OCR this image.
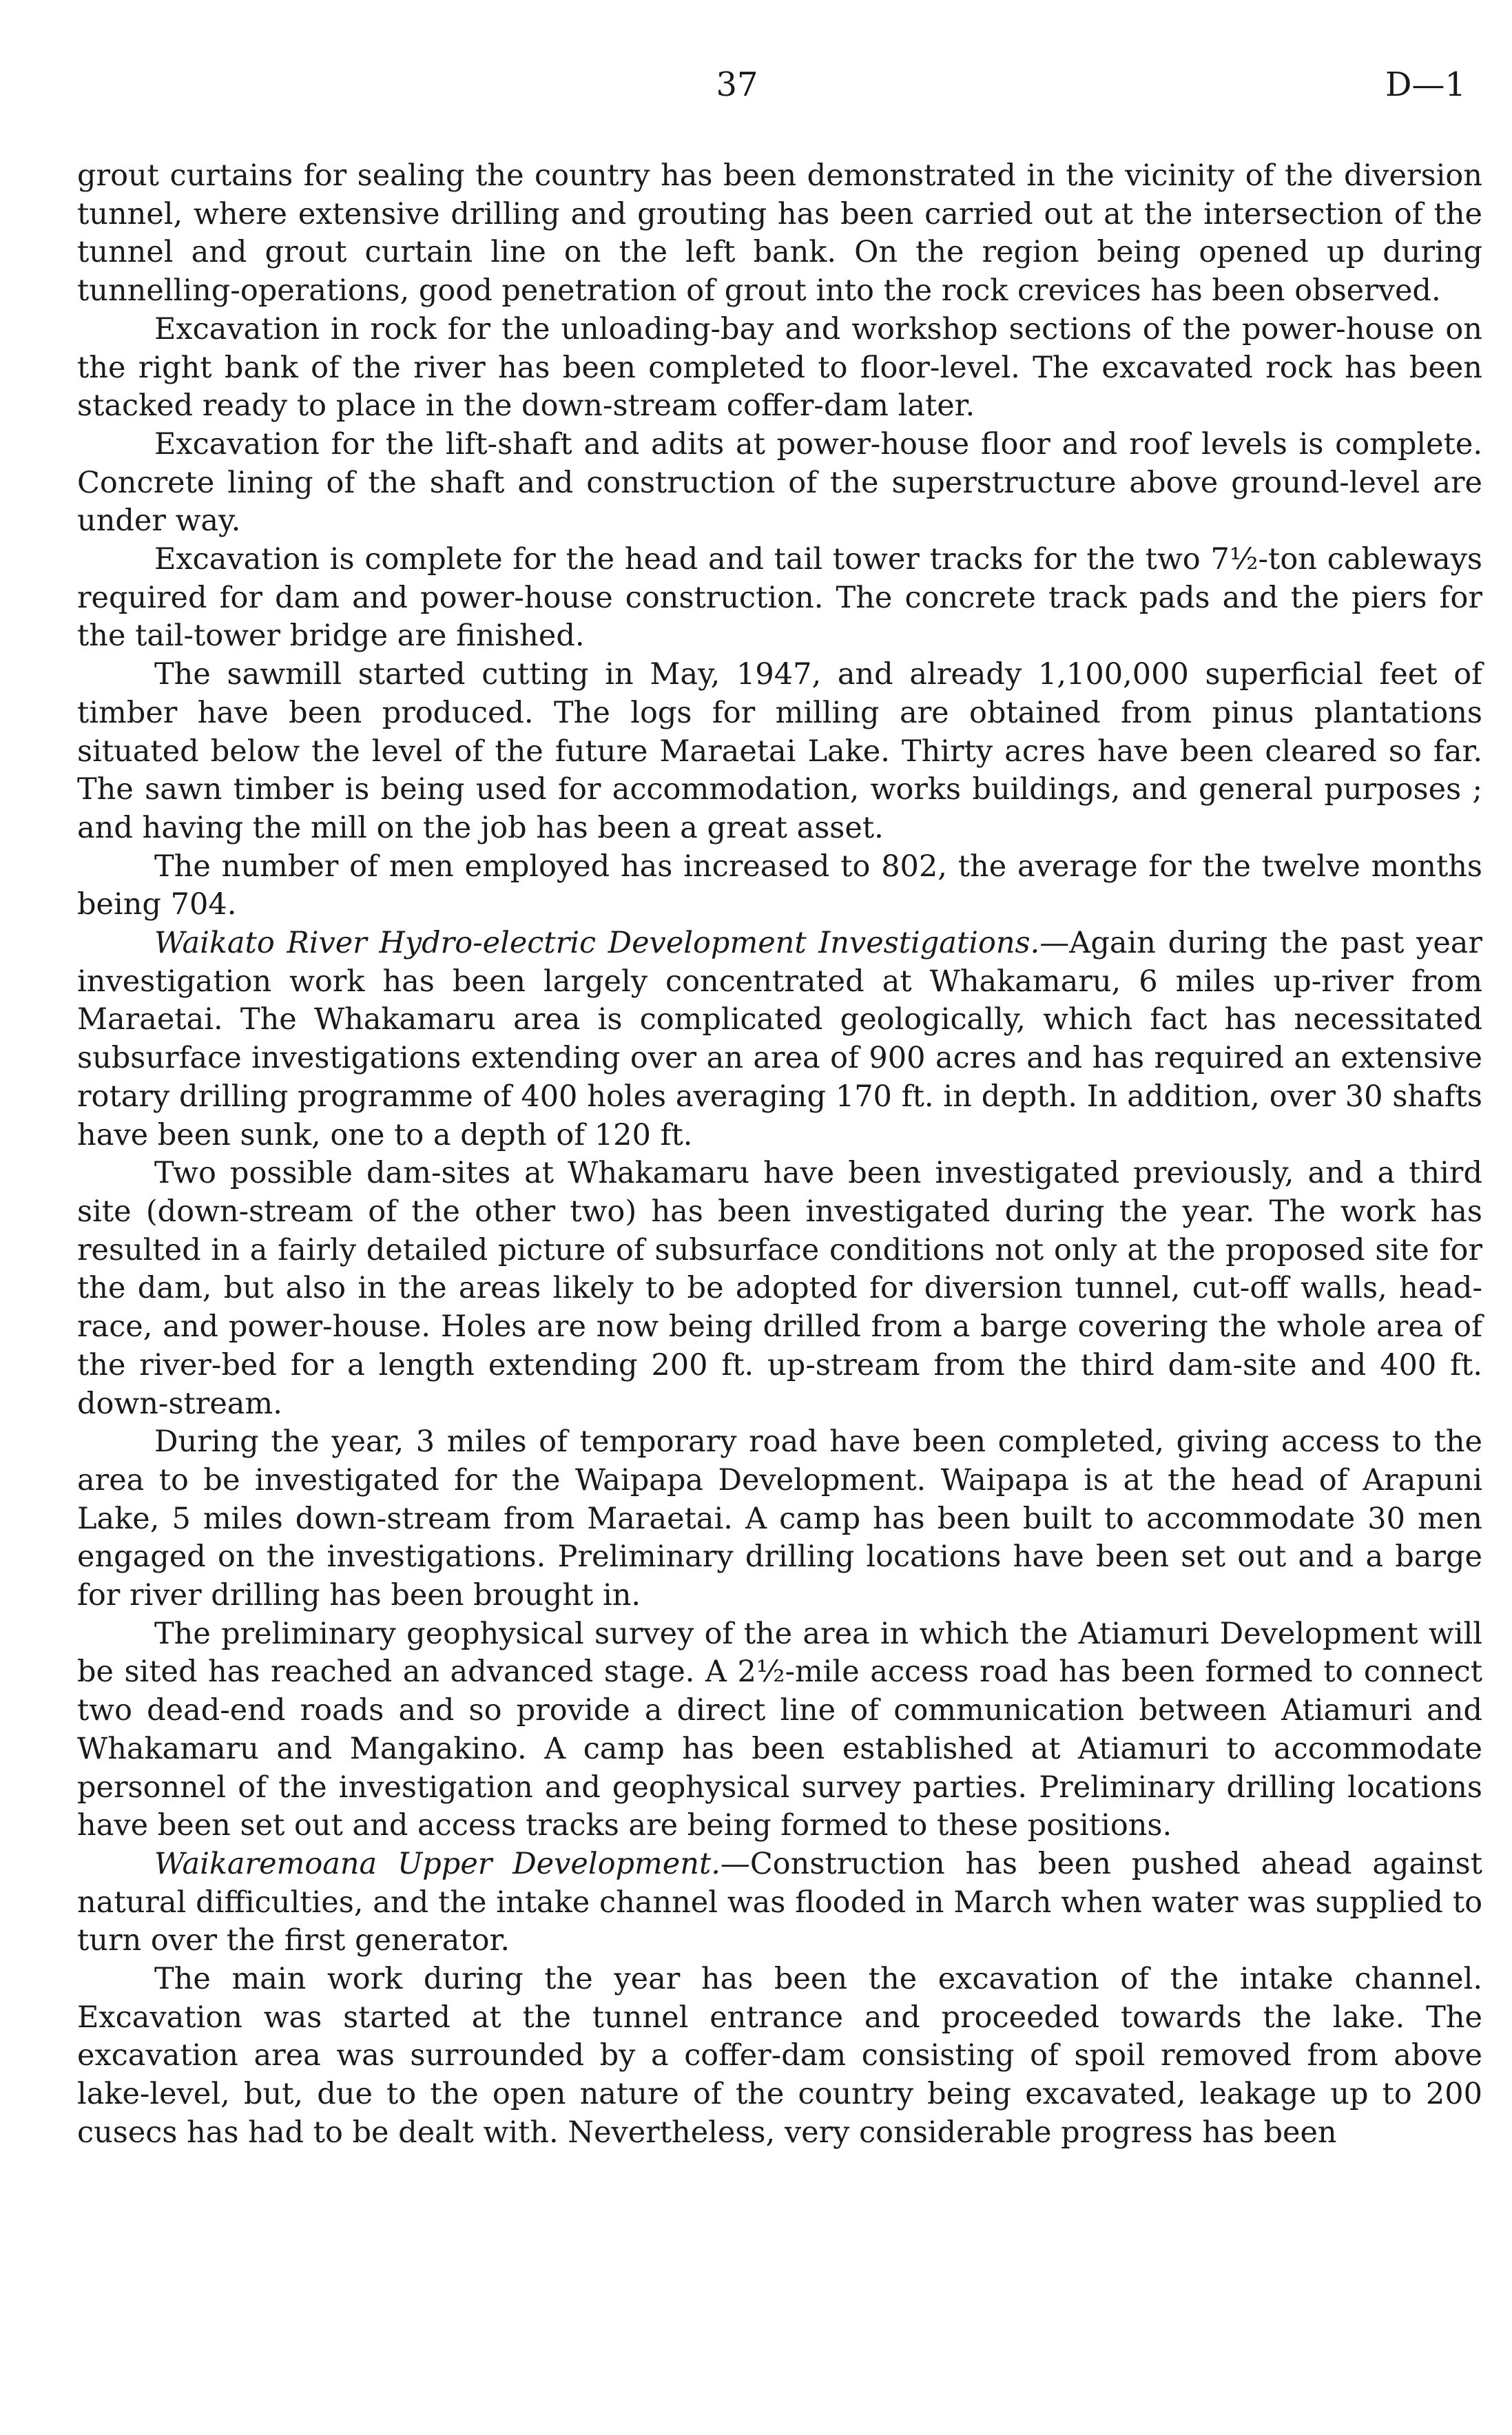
37	D—1

grout curtains for sealing the country has been demonstrated in the vicinity of the diversion tunnel, where extensive drilling and grouting has been carried out at the intersection of the tunnel and grout curtain line on the left bank. On the region being opened up during tunnelling-operations, good penetration of grout into the rock crevices has been observed.

Excavation in rock for the unloading-bay and workshop sections of the power-house on the right bank of the river has been completed to floor-level. The excavated rock has been stacked ready to place in the down-stream coffer-dam later.

Excavation for the lift-shaft and adits at power-house floor and roof levels is complete. Concrete lining of the shaft and construction of the superstructure above ground-level are under way.

Excavation is complete for the head and tail tower tracks for the two 7½-ton cableways required for dam and power-house construction. The concrete track pads and the piers for the tail-tower bridge are finished.

The sawmill started cutting in May, 1947, and already 1,100,000 superficial feet of timber have been produced. The logs for milling are obtained from pinus plantations situated below the level of the future Maraetai Lake. Thirty acres have been cleared so far. The sawn timber is being used for accommodation, works buildings, and general purposes ; and having the mill on the job has been a great asset.

The number of men employed has increased to 802, the average for the twelve months being 704.

Waikato River Hydro-electric Development Investigations.—Again during the past year investigation work has been largely concentrated at Whakamaru, 6 miles up-river from Maraetai. The Whakamaru area is complicated geologically, which fact has necessitated subsurface investigations extending over an area of 900 acres and has required an extensive rotary drilling programme of 400 holes averaging 170 ft. in depth. In addition, over 30 shafts have been sunk, one to a depth of 120 ft.

Two possible dam-sites at Whakamaru have been investigated previously, and a third site (down-stream of the other two) has been investigated during the year. The work has resulted in a fairly detailed picture of subsurface conditions not only at the proposed site for the dam, but also in the areas likely to be adopted for diversion tunnel, cut-off walls, head-race, and power-house. Holes are now being drilled from a barge covering the whole area of the river-bed for a length extending 200 ft. up-stream from the third dam-site and 400 ft. down-stream.

During the year, 3 miles of temporary road have been completed, giving access to the area to be investigated for the Waipapa Development. Waipapa is at the head of Arapuni Lake, 5 miles down-stream from Maraetai. A camp has been built to accommodate 30 men engaged on the investigations. Preliminary drilling locations have been set out and a barge for river drilling has been brought in.

The preliminary geophysical survey of the area in which the Atiamuri Development will be sited has reached an advanced stage. A 2½-mile access road has been formed to connect two dead-end roads and so provide a direct line of communication between Atiamuri and Whakamaru and Mangakino. A camp has been established at Atiamuri to accommodate personnel of the investigation and geophysical survey parties. Preliminary drilling locations have been set out and access tracks are being formed to these positions.

Waikaremoana Upper Development.—Construction has been pushed ahead against natural difficulties, and the intake channel was flooded in March when water was supplied to turn over the first generator.

The main work during the year has been the excavation of the intake channel. Excavation was started at the tunnel entrance and proceeded towards the lake. The excavation area was surrounded by a coffer-dam consisting of spoil removed from above lake-level, but, due to the open nature of the country being excavated, leakage up to 200 cusecs has had to be dealt with. Nevertheless, very considerable progress has been
